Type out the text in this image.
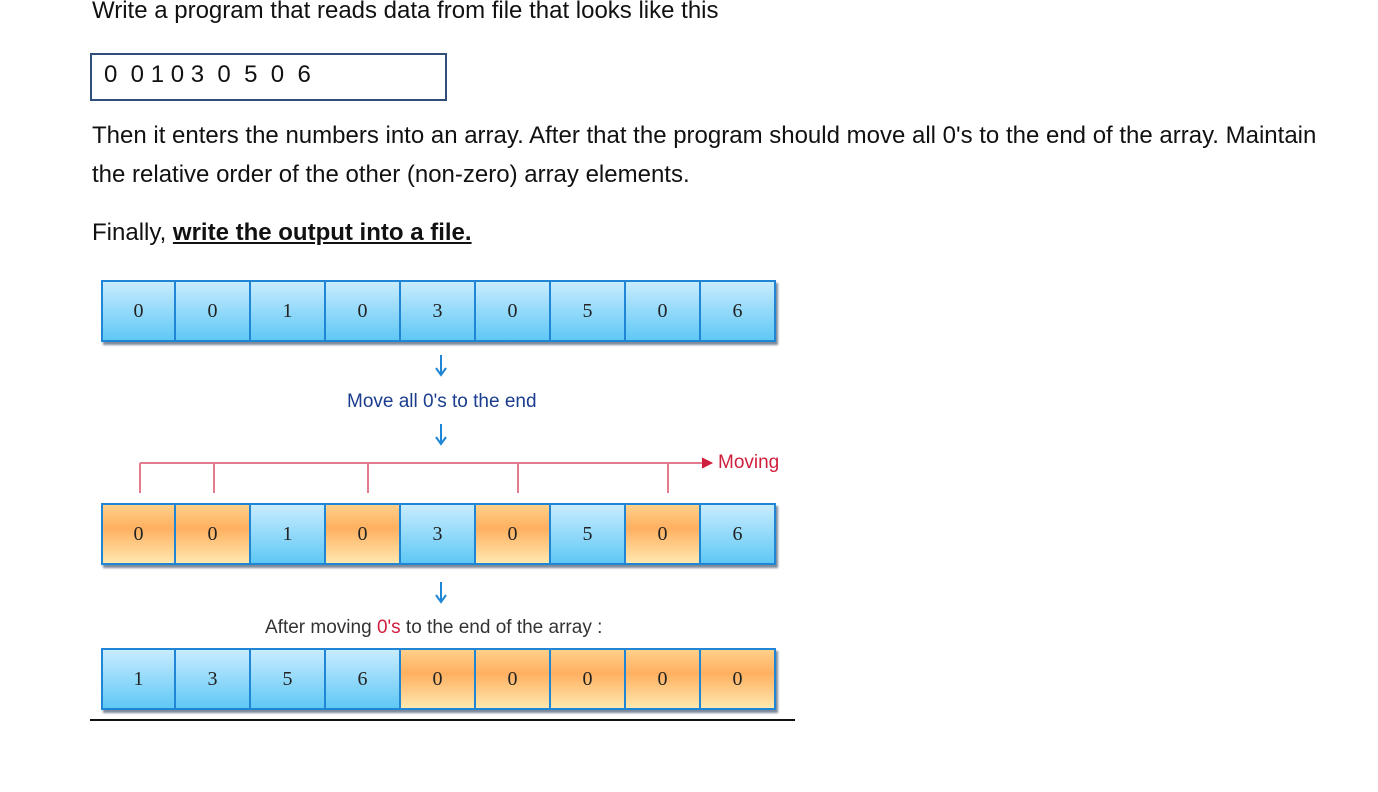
Write a program that reads data from file that looks like this

0  0 1 0 3  0  5  0  6

Then it enters the numbers into an array. After that the program should move all 0's to the end of the array. Maintain the relative order of the other (non-zero) array elements.

Finally, write the output into a file.

0	0	1	0	3	0	5	0	6
Move all 0's to the end
Moving
0	0	1	0	3	0	5	0	6
After moving 0's to the end of the array :
1	3	5	6	0	0	0	0	0
